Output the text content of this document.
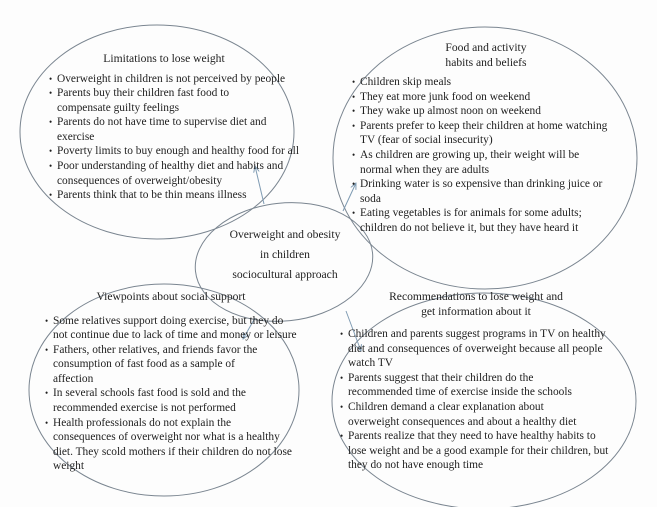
Limitations to lose weight
• Overweight in children is not perceived by people
• Parents buy their children fast food to compensate guilty feelings
• Parents do not have time to supervise diet and exercise
• Poverty limits to buy enough and healthy food for all
• Poor understanding of healthy diet and habits and consequences of overweight/obesity
• Parents think that to be thin means illness
Food and activity habits and beliefs
• Children skip meals
• They eat more junk food on weekend
• They wake up almost noon on weekend
• Parents prefer to keep their children at home watching TV (fear of social insecurity)
• As children are growing up, their weight will be normal when they are adults
• Drinking water is so expensive than drinking juice or soda
• Eating vegetables is for animals for some adults; children do not believe it, but they have heard it
Overweight and obesity
in children
sociocultural approach
Viewpoints about social support
• Some relatives support doing exercise, but they do not continue due to lack of time and money or leisure
• Fathers, other relatives, and friends favor the consumption of fast food as a sample of affection
• In several schools fast food is sold and the recommended exercise is not performed
• Health professionals do not explain the consequences of overweight nor what is a healthy diet. They scold mothers if their children do not lose weight
Recommendations to lose weight and get information about it
• Children and parents suggest programs in TV on healthy diet and consequences of overweight because all people watch TV
• Parents suggest that their children do the recommended time of exercise inside the schools
• Children demand a clear explanation about overweight consequences and about a healthy diet
• Parents realize that they need to have healthy habits to lose weight and be a good example for their children, but they do not have enough time
